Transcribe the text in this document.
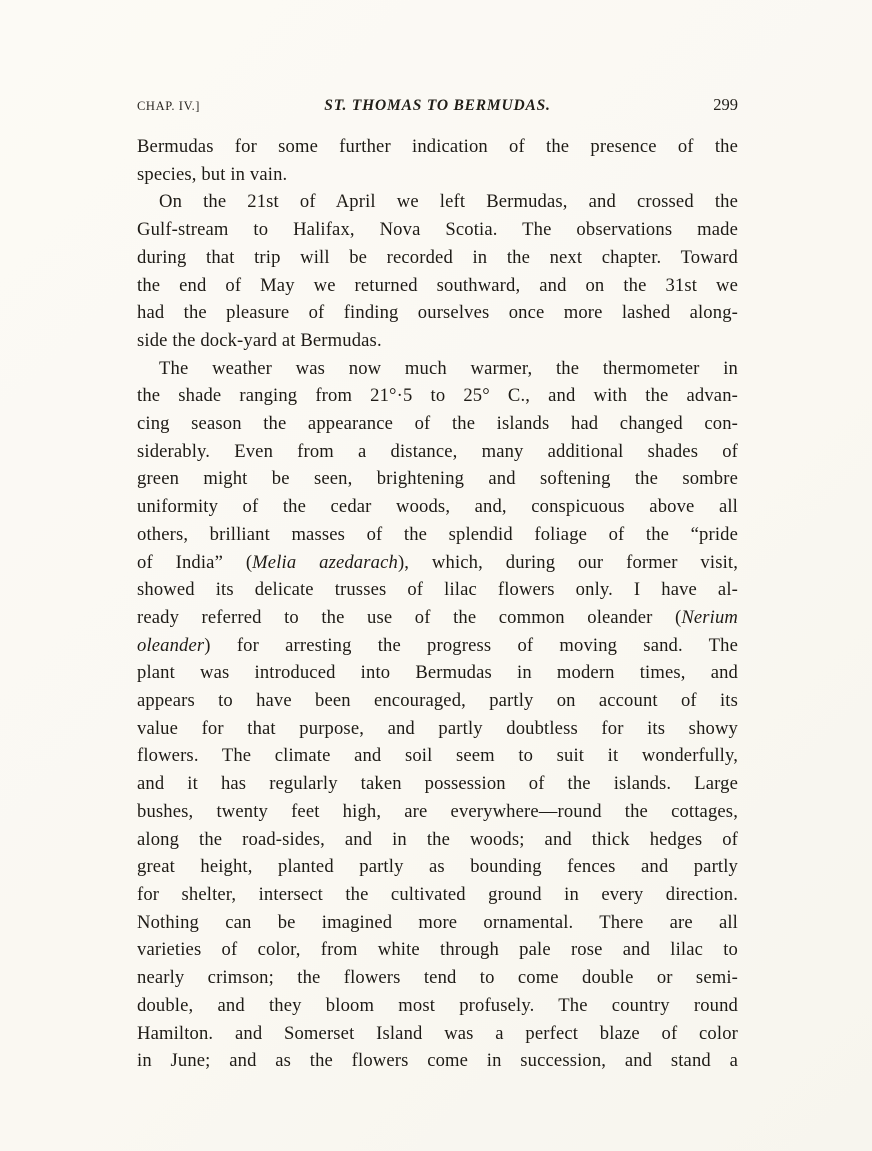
CHAP. IV.]	ST. THOMAS TO BERMUDAS.	299
Bermudas for some further indication of the presence of the
species, but in vain.
On the 21st of April we left Bermudas, and crossed the
Gulf-stream to Halifax, Nova Scotia. The observations made
during that trip will be recorded in the next chapter. Toward
the end of May we returned southward, and on the 31st we
had the pleasure of finding ourselves once more lashed along-
side the dock-yard at Bermudas.
The weather was now much warmer, the thermometer in
the shade ranging from 21°·5 to 25° C., and with the advan-
cing season the appearance of the islands had changed con-
siderably. Even from a distance, many additional shades of
green might be seen, brightening and softening the sombre
uniformity of the cedar woods, and, conspicuous above all
others, brilliant masses of the splendid foliage of the “pride
of India” (Melia azedarach), which, during our former visit,
showed its delicate trusses of lilac flowers only. I have al-
ready referred to the use of the common oleander (Nerium
oleander) for arresting the progress of moving sand. The
plant was introduced into Bermudas in modern times, and
appears to have been encouraged, partly on account of its
value for that purpose, and partly doubtless for its showy
flowers. The climate and soil seem to suit it wonderfully,
and it has regularly taken possession of the islands. Large
bushes, twenty feet high, are everywhere—round the cottages,
along the road-sides, and in the woods; and thick hedges of
great height, planted partly as bounding fences and partly
for shelter, intersect the cultivated ground in every direction.
Nothing can be imagined more ornamental. There are all
varieties of color, from white through pale rose and lilac to
nearly crimson; the flowers tend to come double or semi-
double, and they bloom most profusely. The country round
Hamilton. and Somerset Island was a perfect blaze of color
in June; and as the flowers come in succession, and stand a
